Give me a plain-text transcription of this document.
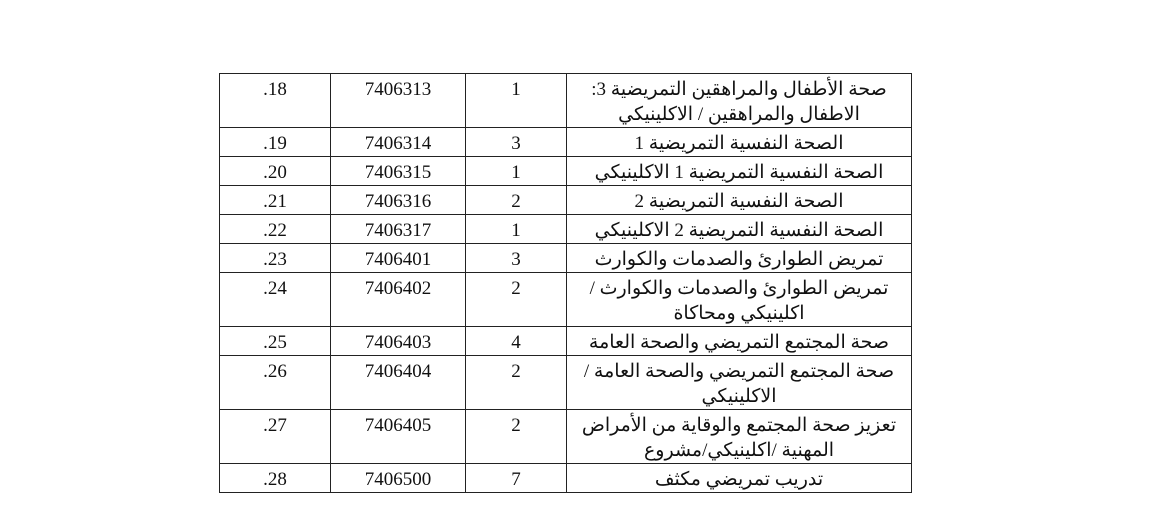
صحة الأطفال والمراهقين التمريضية 3: الاطفال والمراهقين / الاكلينيكي	1	7406313	.18
الصحة النفسية التمريضية 1	3	7406314	.19
الصحة النفسية التمريضية 1 الاكلينيكي	1	7406315	.20
الصحة النفسية التمريضية 2	2	7406316	.21
الصحة النفسية التمريضية 2 الاكلينيكي	1	7406317	.22
تمريض الطوارئ والصدمات والكوارث	3	7406401	.23
تمريض الطوارئ والصدمات والكوارث /اكلينيكي ومحاكاة	2	7406402	.24
صحة المجتمع التمريضي والصحة العامة	4	7406403	.25
صحة المجتمع التمريضي والصحة العامة / الاكلينيكي	2	7406404	.26
تعزيز صحة المجتمع والوقاية من الأمراض المهنية /اكلينيكي/مشروع	2	7406405	.27
تدريب تمريضي مكثف	7	7406500	.28
